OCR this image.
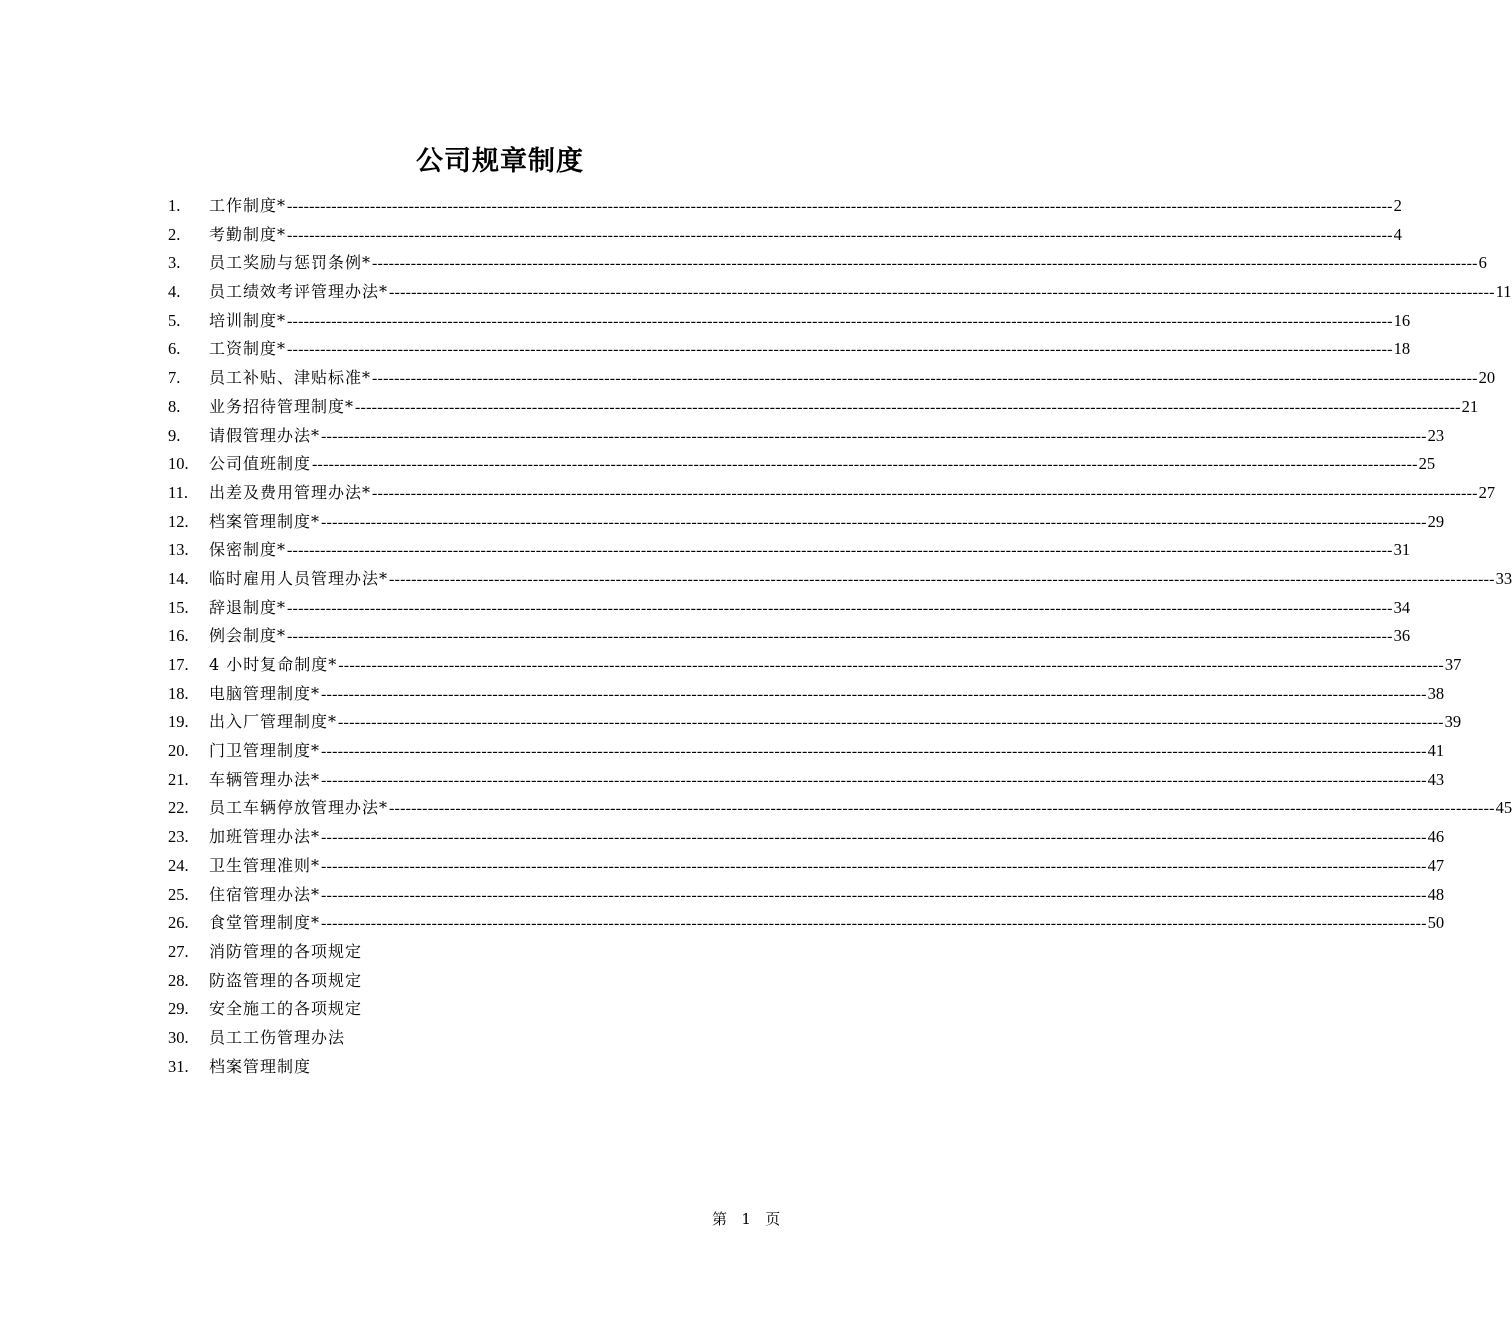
公司规章制度
1.	工作制度* -------------------------------------------------------------------------------------------------------------------------------------------------------------------------------------------------------- 2
2.	考勤制度* -------------------------------------------------------------------------------------------------------------------------------------------------------------------------------------------------------- 4
3.	员工奖励与惩罚条例* -------------------------------------------------------------------------------------------------------------------------------------------------------------------------------------------------------- 6
4.	员工绩效考评管理办法* -------------------------------------------------------------------------------------------------------------------------------------------------------------------------------------------------------- 11
5.	培训制度* -------------------------------------------------------------------------------------------------------------------------------------------------------------------------------------------------------- 16
6.	工资制度* -------------------------------------------------------------------------------------------------------------------------------------------------------------------------------------------------------- 18
7.	员工补贴、津贴标准* -------------------------------------------------------------------------------------------------------------------------------------------------------------------------------------------------------- 20
8.	业务招待管理制度* -------------------------------------------------------------------------------------------------------------------------------------------------------------------------------------------------------- 21
9.	请假管理办法* -------------------------------------------------------------------------------------------------------------------------------------------------------------------------------------------------------- 23
10.	公司值班制度 -------------------------------------------------------------------------------------------------------------------------------------------------------------------------------------------------------- 25
11.	出差及费用管理办法* -------------------------------------------------------------------------------------------------------------------------------------------------------------------------------------------------------- 27
12.	档案管理制度* -------------------------------------------------------------------------------------------------------------------------------------------------------------------------------------------------------- 29
13.	保密制度* -------------------------------------------------------------------------------------------------------------------------------------------------------------------------------------------------------- 31
14.	临时雇用人员管理办法* -------------------------------------------------------------------------------------------------------------------------------------------------------------------------------------------------------- 33
15.	辞退制度* -------------------------------------------------------------------------------------------------------------------------------------------------------------------------------------------------------- 34
16.	例会制度* -------------------------------------------------------------------------------------------------------------------------------------------------------------------------------------------------------- 36
17.	4 小时复命制度* -------------------------------------------------------------------------------------------------------------------------------------------------------------------------------------------------------- 37
18.	电脑管理制度* -------------------------------------------------------------------------------------------------------------------------------------------------------------------------------------------------------- 38
19.	出入厂管理制度* -------------------------------------------------------------------------------------------------------------------------------------------------------------------------------------------------------- 39
20.	门卫管理制度* -------------------------------------------------------------------------------------------------------------------------------------------------------------------------------------------------------- 41
21.	车辆管理办法* -------------------------------------------------------------------------------------------------------------------------------------------------------------------------------------------------------- 43
22.	员工车辆停放管理办法* -------------------------------------------------------------------------------------------------------------------------------------------------------------------------------------------------------- 45
23.	加班管理办法* -------------------------------------------------------------------------------------------------------------------------------------------------------------------------------------------------------- 46
24.	卫生管理准则* -------------------------------------------------------------------------------------------------------------------------------------------------------------------------------------------------------- 47
25.	住宿管理办法* -------------------------------------------------------------------------------------------------------------------------------------------------------------------------------------------------------- 48
26.	食堂管理制度* -------------------------------------------------------------------------------------------------------------------------------------------------------------------------------------------------------- 50
27.	消防管理的各项规定
28.	防盗管理的各项规定
29.	安全施工的各项规定
30.	员工工伤管理办法
31.	档案管理制度
第 1 页
